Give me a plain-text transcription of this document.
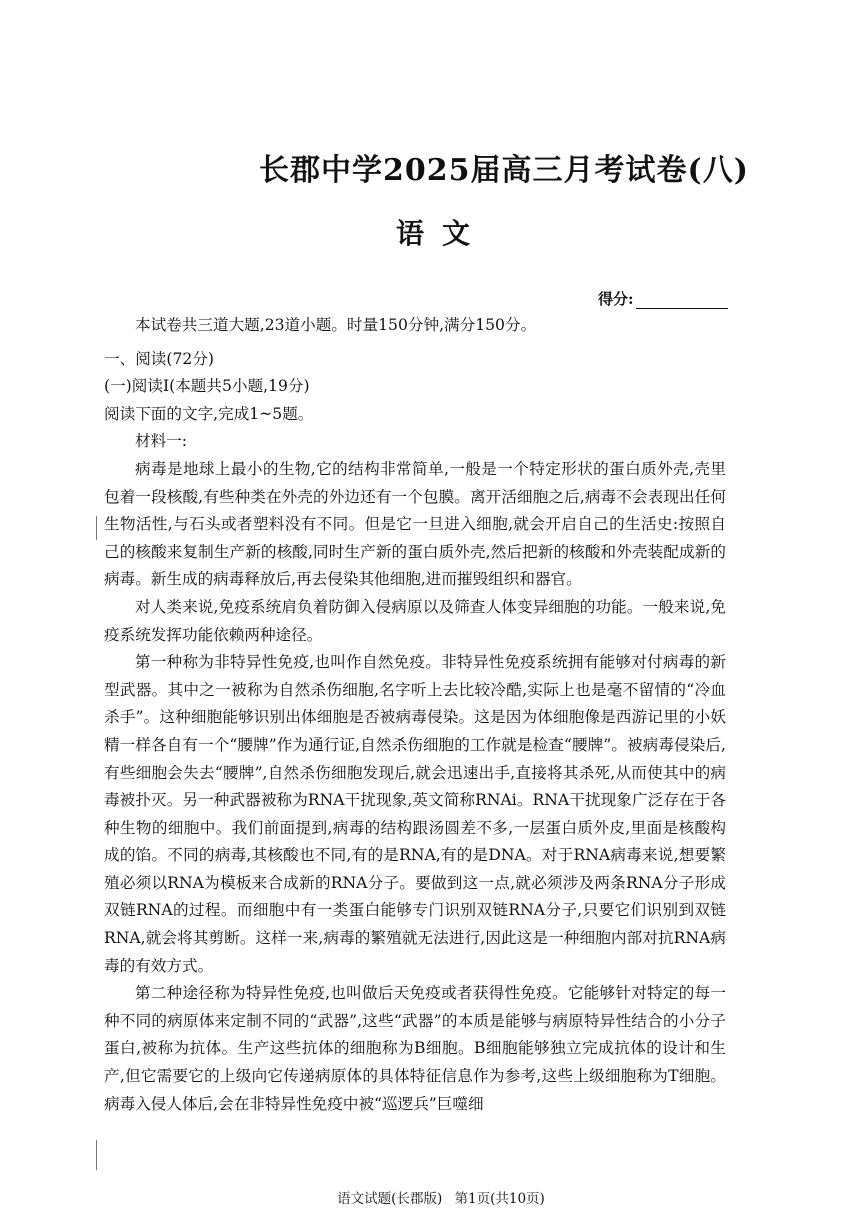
长郡中学2025届高三月考试卷(八)
语文
得分:

本试卷共三道大题,23道小题。时量150分钟,满分150分。

一、阅读(72分)

(一)阅读Ⅰ(本题共5小题,19分)

阅读下面的文字,完成1~5题。

材料一:

病毒是地球上最小的生物,它的结构非常简单,一般是一个特定形状的蛋白质外壳,壳里包着一段核酸,有些种类在外壳的外边还有一个包膜。离开活细胞之后,病毒不会表现出任何生物活性,与石头或者塑料没有不同。但是它一旦进入细胞,就会开启自己的生活史:按照自己的核酸来复制生产新的核酸,同时生产新的蛋白质外壳,然后把新的核酸和外壳装配成新的病毒。新生成的病毒释放后,再去侵染其他细胞,进而摧毁组织和器官。

对人类来说,免疫系统肩负着防御入侵病原以及筛查人体变异细胞的功能。一般来说,免疫系统发挥功能依赖两种途径。

第一种称为非特异性免疫,也叫作自然免疫。非特异性免疫系统拥有能够对付病毒的新型武器。其中之一被称为自然杀伤细胞,名字听上去比较冷酷,实际上也是毫不留情的“冷血杀手”。这种细胞能够识别出体细胞是否被病毒侵染。这是因为体细胞像是西游记里的小妖精一样各自有一个“腰牌”作为通行证,自然杀伤细胞的工作就是检查“腰牌”。被病毒侵染后,有些细胞会失去“腰牌”,自然杀伤细胞发现后,就会迅速出手,直接将其杀死,从而使其中的病毒被扑灭。另一种武器被称为RNA干扰现象,英文简称RNAi。RNA干扰现象广泛存在于各种生物的细胞中。我们前面提到,病毒的结构跟汤圆差不多,一层蛋白质外皮,里面是核酸构成的馅。不同的病毒,其核酸也不同,有的是RNA,有的是DNA。对于RNA病毒来说,想要繁殖必须以RNA为模板来合成新的RNA分子。要做到这一点,就必须涉及两条RNA分子形成双链RNA的过程。而细胞中有一类蛋白能够专门识别双链RNA分子,只要它们识别到双链RNA,就会将其剪断。这样一来,病毒的繁殖就无法进行,因此这是一种细胞内部对抗RNA病毒的有效方式。

第二种途径称为特异性免疫,也叫做后天免疫或者获得性免疫。它能够针对特定的每一种不同的病原体来定制不同的“武器”,这些“武器”的本质是能够与病原特异性结合的小分子蛋白,被称为抗体。生产这些抗体的细胞称为B细胞。B细胞能够独立完成抗体的设计和生产,但它需要它的上级向它传递病原体的具体特征信息作为参考,这些上级细胞称为T细胞。病毒入侵人体后,会在非特异性免疫中被“巡逻兵”巨噬细

语文试题(长郡版) 第1页(共10页)
